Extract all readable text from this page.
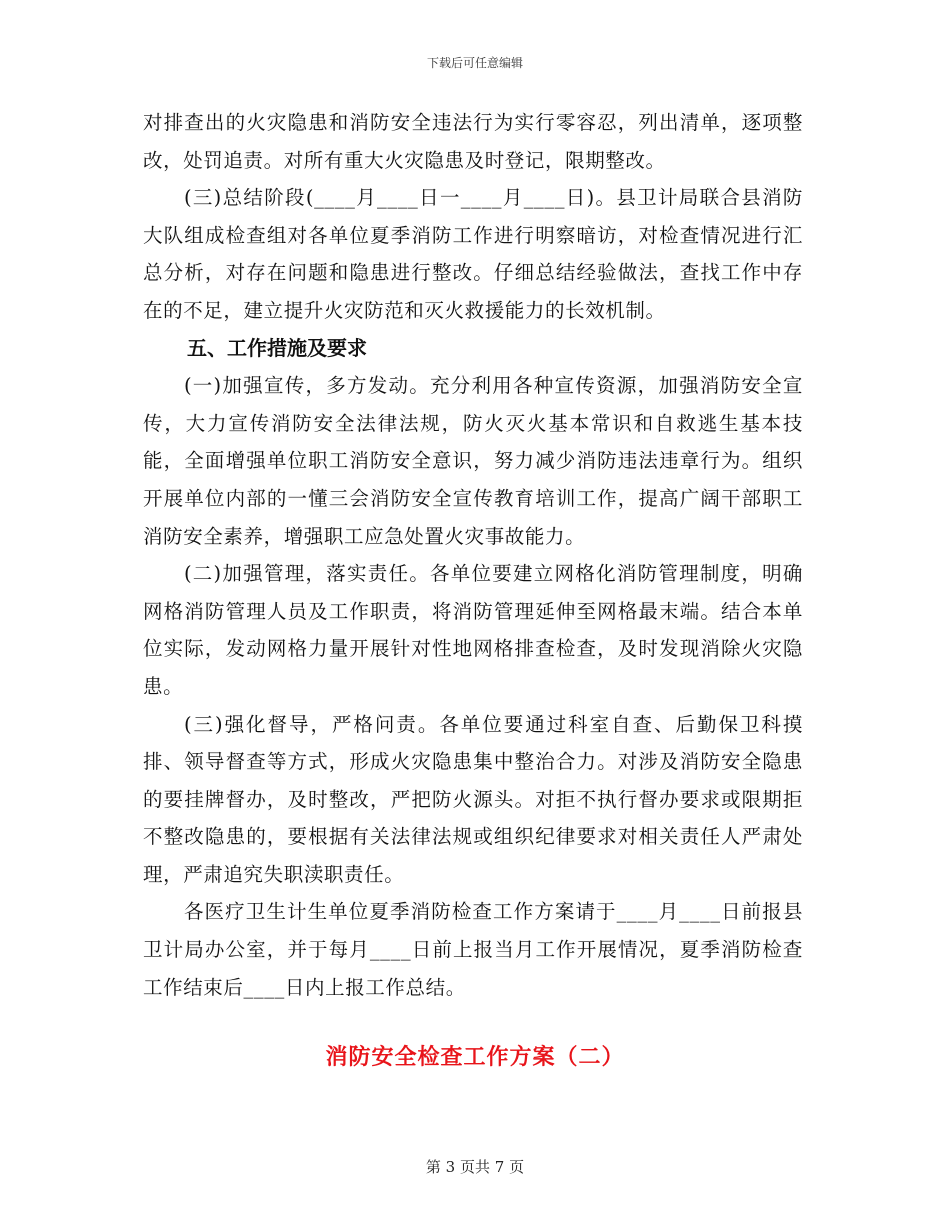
下载后可任意编辑

对排查出的火灾隐患和消防安全违法行为实行零容忍，列出清单，逐项整改，处罚追责。对所有重大火灾隐患及时登记，限期整改。

(三)总结阶段(____月____日一____月____日)。县卫计局联合县消防大队组成检查组对各单位夏季消防工作进行明察暗访，对检查情况进行汇总分析，对存在问题和隐患进行整改。仔细总结经验做法，查找工作中存在的不足，建立提升火灾防范和灭火救援能力的长效机制。

五、工作措施及要求

(一)加强宣传，多方发动。充分利用各种宣传资源，加强消防安全宣传，大力宣传消防安全法律法规，防火灭火基本常识和自救逃生基本技能，全面增强单位职工消防安全意识，努力减少消防违法违章行为。组织开展单位内部的一懂三会消防安全宣传教育培训工作，提高广阔干部职工消防安全素养，增强职工应急处置火灾事故能力。

(二)加强管理，落实责任。各单位要建立网格化消防管理制度，明确网格消防管理人员及工作职责，将消防管理延伸至网格最末端。结合本单位实际，发动网格力量开展针对性地网格排查检查，及时发现消除火灾隐患。

(三)强化督导，严格问责。各单位要通过科室自查、后勤保卫科摸排、领导督查等方式，形成火灾隐患集中整治合力。对涉及消防安全隐患的要挂牌督办，及时整改，严把防火源头。对拒不执行督办要求或限期拒不整改隐患的，要根据有关法律法规或组织纪律要求对相关责任人严肃处理，严肃追究失职渎职责任。

各医疗卫生计生单位夏季消防检查工作方案请于____月____日前报县卫计局办公室，并于每月____日前上报当月工作开展情况，夏季消防检查工作结束后____日内上报工作总结。

消防安全检查工作方案（二）
第 3 页共 7 页
